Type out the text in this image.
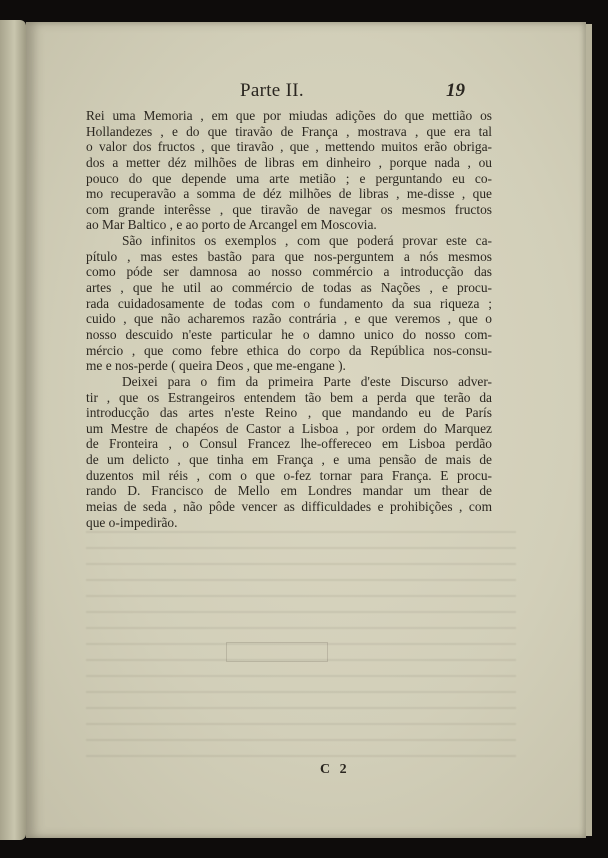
Parte II.	19
Rei uma Memoria , em que por miudas adições do que mettião os
Hollandezes , e do que tiravão de França , mostrava , que era tal
o valor dos fructos , que tiravão , que , mettendo muitos erão obriga-
dos a metter déz milhões de libras em dinheiro , porque nada , ou
pouco do que depende uma arte metião ; e perguntando eu co-
mo recuperavão a somma de déz milhões de libras , me-disse , que
com grande interêsse , que tiravão de navegar os mesmos fructos
ao Mar Baltico , e ao porto de Arcangel em Moscovia.
São infinitos os exemplos , com que poderá provar este ca-
pítulo , mas estes bastão para que nos-perguntem a nós mesmos
como póde ser damnosa ao nosso commércio a introducção das
artes , que he util ao commércio de todas as Nações , e procu-
rada cuidadosamente de todas com o fundamento da sua riqueza ;
cuido , que não acharemos razão contrária , e que veremos , que o
nosso descuido n'este particular he o damno unico do nosso com-
mércio , que como febre ethica do corpo da República nos-consu-
me e nos-perde ( queira Deos , que me-engane ).
Deixei para o fim da primeira Parte d'este Discurso adver-
tir , que os Estrangeiros entendem tão bem a perda que terão da
introducção das artes n'este Reino , que mandando eu de París
um Mestre de chapéos de Castor a Lisboa , por ordem do Marquez
de Fronteira , o Consul Francez lhe-offereceo em Lisboa perdão
de um delicto , que tinha em França , e uma pensão de mais de
duzentos mil réis , com o que o-fez tornar para França. E procu-
rando D. Francisco de Mello em Londres mandar um thear de
meias de seda , não pôde vencer as difficuldades e prohibições , com
que o-impedirão.
C 2
